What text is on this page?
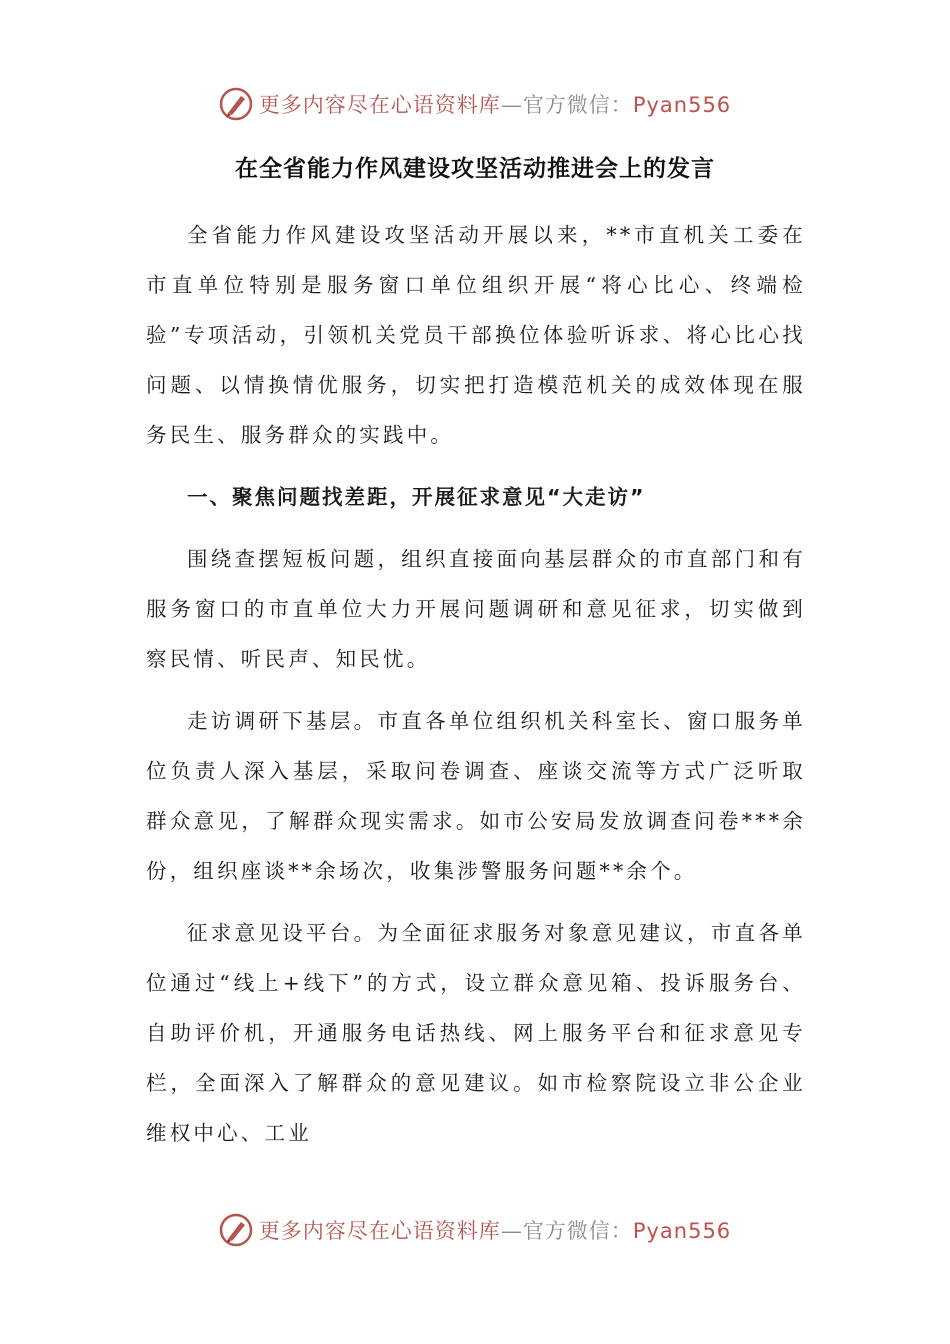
更多内容尽在心语资料库—官方微信：Pyan556
在全省能力作风建设攻坚活动推进会上的发言

全省能力作风建设攻坚活动开展以来，**市直机关工委在市直单位特别是服务窗口单位组织开展“将心比心、终端检验”专项活动，引领机关党员干部换位体验听诉求、将心比心找问题、以情换情优服务，切实把打造模范机关的成效体现在服务民生、服务群众的实践中。

一、聚焦问题找差距，开展征求意见“大走访”

围绕查摆短板问题，组织直接面向基层群众的市直部门和有服务窗口的市直单位大力开展问题调研和意见征求，切实做到察民情、听民声、知民忧。

走访调研下基层。市直各单位组织机关科室长、窗口服务单位负责人深入基层，采取问卷调查、座谈交流等方式广泛听取群众意见，了解群众现实需求。如市公安局发放调查问卷***余份，组织座谈**余场次，收集涉警服务问题**余个。

征求意见设平台。为全面征求服务对象意见建议，市直各单位通过“线上+线下”的方式，设立群众意见箱、投诉服务台、自助评价机，开通服务电话热线、网上服务平台和征求意见专栏，全面深入了解群众的意见建议。如市检察院设立非公企业维权中心、工业

更多内容尽在心语资料库—官方微信：Pyan556
